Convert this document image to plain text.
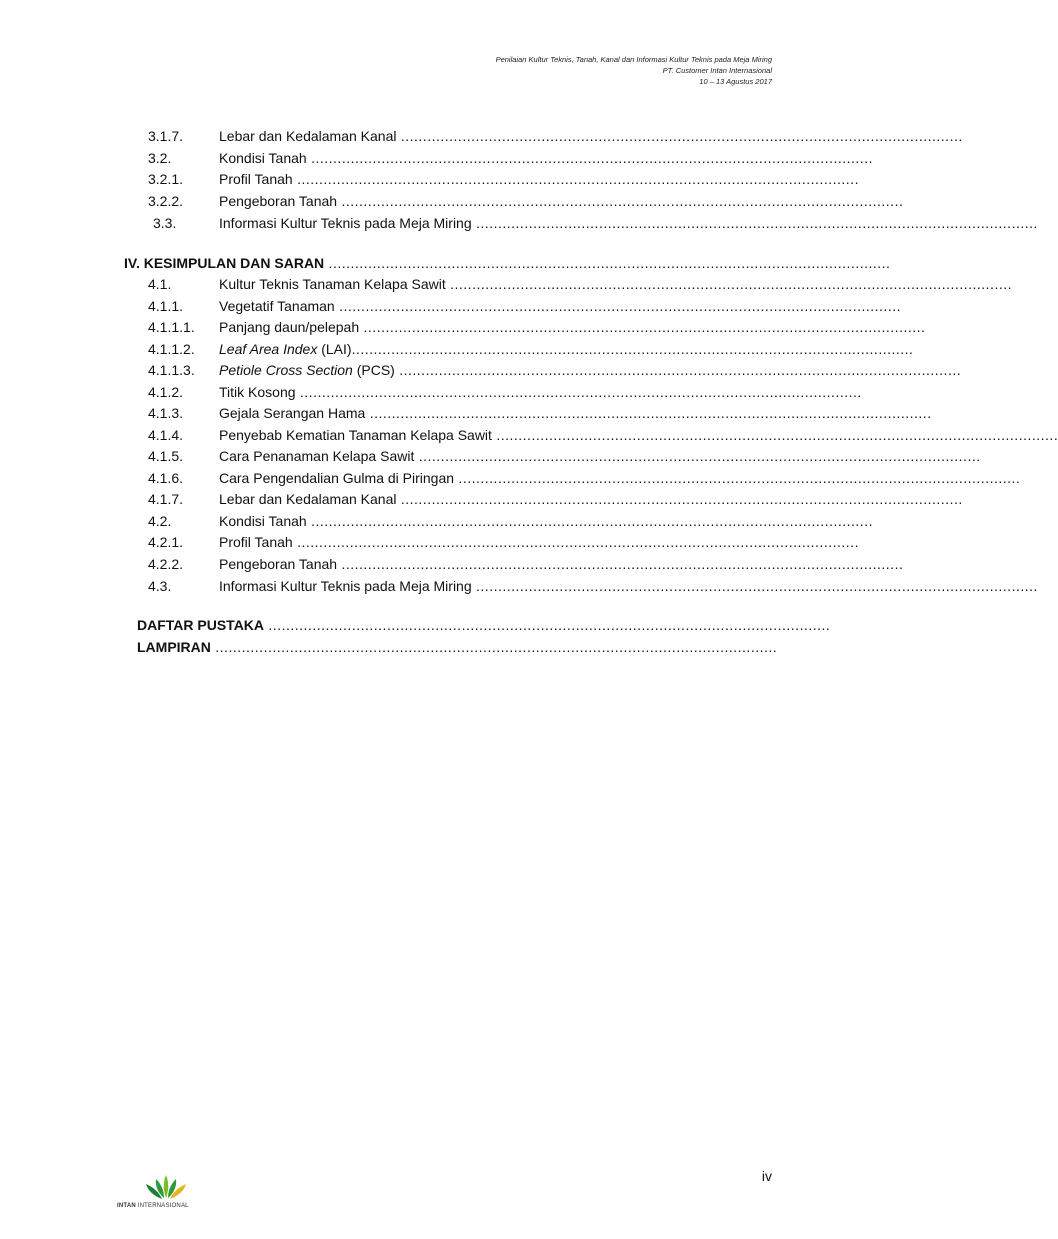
Penilaian Kultur Teknis, Tanah, Kanal dan Informasi Kultur Teknis pada Meja Miring
PT. Customer Intan Internasional
10 – 13 Agustus 2017
3.1.7.	Lebar dan Kedalaman Kanal ................................................................................................................................
3.2.	Kondisi Tanah ................................................................................................................................
3.2.1.	Profil Tanah ................................................................................................................................
3.2.2.	Pengeboran Tanah ................................................................................................................................
3.3.	Informasi Kultur Teknis pada Meja Miring ................................................................................................................................
IV. KESIMPULAN DAN SARAN ................................................................................................................................
4.1.	Kultur Teknis Tanaman Kelapa Sawit ................................................................................................................................
4.1.1.	Vegetatif Tanaman ................................................................................................................................
4.1.1.1. Panjang daun/pelepah ................................................................................................................................
4.1.1.2. Leaf Area Index (LAI)................................................................................................................................
4.1.1.3. Petiole Cross Section (PCS) ................................................................................................................................
4.1.2.	Titik Kosong ................................................................................................................................
4.1.3.	Gejala Serangan Hama ................................................................................................................................
4.1.4.	Penyebab Kematian Tanaman Kelapa Sawit ................................................................................................................................
4.1.5.	Cara Penanaman Kelapa Sawit ................................................................................................................................
4.1.6.	Cara Pengendalian Gulma di Piringan ................................................................................................................................
4.1.7.	Lebar dan Kedalaman Kanal ................................................................................................................................
4.2.	Kondisi Tanah ................................................................................................................................
4.2.1.	Profil Tanah ................................................................................................................................
4.2.2.	Pengeboran Tanah ................................................................................................................................
4.3.	Informasi Kultur Teknis pada Meja Miring ................................................................................................................................
DAFTAR PUSTAKA ................................................................................................................................
LAMPIRAN ................................................................................................................................
iv
INTAN INTERNASIONAL
